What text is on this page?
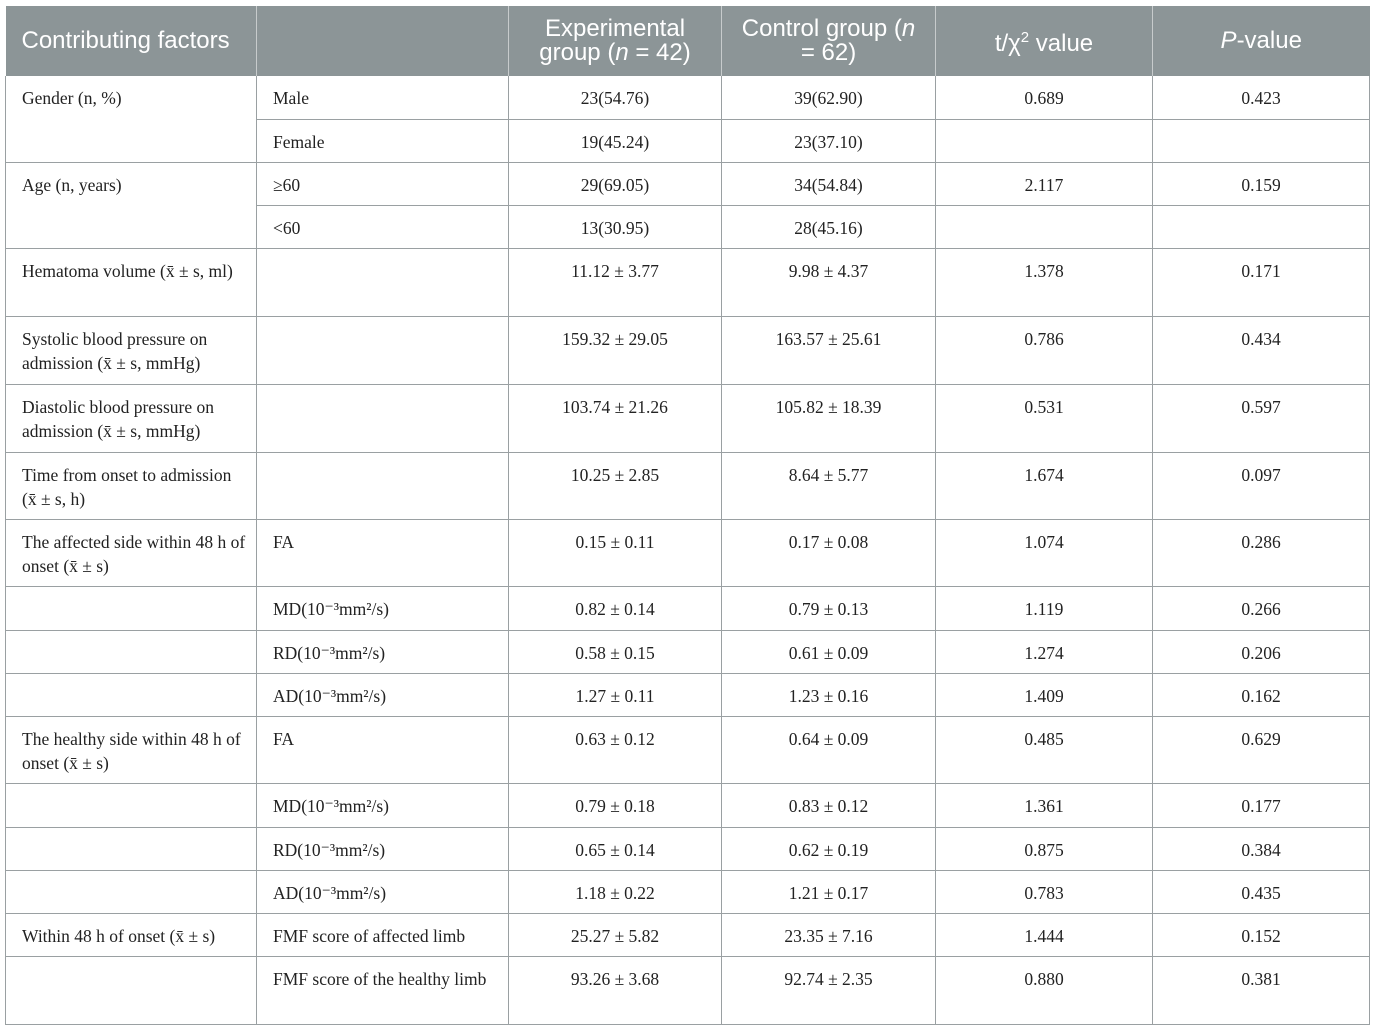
Contributing factors		Experimental group (n = 42)	Control group (n = 62)	$t/\chi^2$ value	P-value
Gender (n, %)	Male	23(54.76)	39(62.90)	0.689	0.423
	Female	19(45.24)	23(37.10)		
Age (n, years)	≥60	29(69.05)	34(54.84)	2.117	0.159
	<60	13(30.95)	28(45.16)		
Hematoma volume (x̄ ± s, ml)		11.12 ± 3.77	9.98 ± 4.37	1.378	0.171
Systolic blood pressure on admission (x̄ ± s, mmHg)		159.32 ± 29.05	163.57 ± 25.61	0.786	0.434
Diastolic blood pressure on admission (x̄ ± s, mmHg)		103.74 ± 21.26	105.82 ± 18.39	0.531	0.597
Time from onset to admission (x̄ ± s, h)		10.25 ± 2.85	8.64 ± 5.77	1.674	0.097
The affected side within 48 h of onset (x̄ ± s)	FA	0.15 ± 0.11	0.17 ± 0.08	1.074	0.286
	MD(10⁻³mm²/s)	0.82 ± 0.14	0.79 ± 0.13	1.119	0.266
	RD(10⁻³mm²/s)	0.58 ± 0.15	0.61 ± 0.09	1.274	0.206
	AD(10⁻³mm²/s)	1.27 ± 0.11	1.23 ± 0.16	1.409	0.162
The healthy side within 48 h of onset (x̄ ± s)	FA	0.63 ± 0.12	0.64 ± 0.09	0.485	0.629
	MD(10⁻³mm²/s)	0.79 ± 0.18	0.83 ± 0.12	1.361	0.177
	RD(10⁻³mm²/s)	0.65 ± 0.14	0.62 ± 0.19	0.875	0.384
	AD(10⁻³mm²/s)	1.18 ± 0.22	1.21 ± 0.17	0.783	0.435
Within 48 h of onset (x̄ ± s)	FMF score of affected limb	25.27 ± 5.82	23.35 ± 7.16	1.444	0.152
	FMF score of the healthy limb	93.26 ± 3.68	92.74 ± 2.35	0.880	0.381
